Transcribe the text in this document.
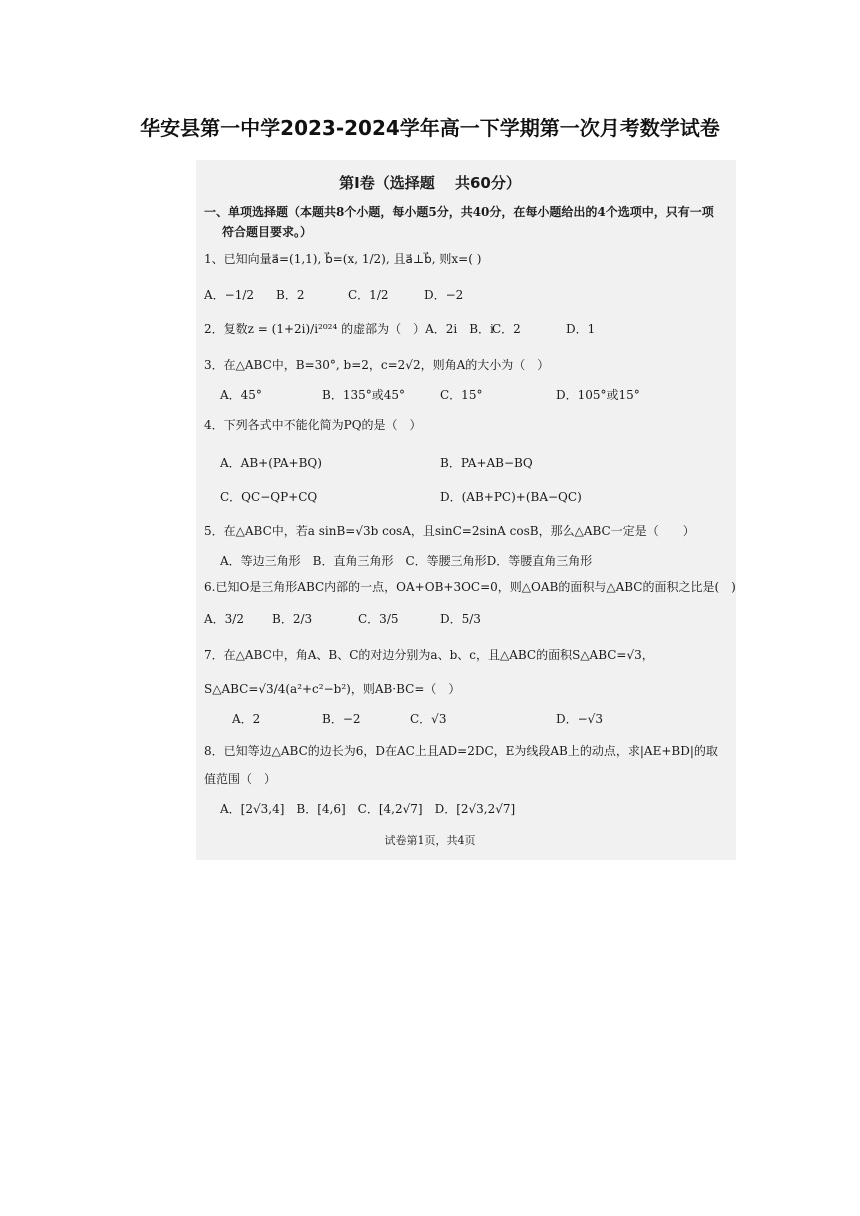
华安县第一中学2023-2024学年高一下学期第一次月考数学试卷
第I卷（选择题　 共60分）
一、单项选择题（本题共8个小题，每小题5分，共40分，在每小题给出的4个选项中，只有一项
符合题目要求。）
1、已知向量a⃗=(1,1), b⃗=(x, 1/2), 且a⃗⊥b⃗, 则x=( )
A．−1/2 B．2	C．1/2	D．−2
2．复数z = (1+2i)/i²⁰²⁴ 的虚部为（　）A．2i　B．i
C．2	D．1
3．在△ABC中，B=30°, b=2，c=2√2，则角A的大小为（　）
A．45°	B．135°或45°	C．15°	D．105°或15°
4．下列各式中不能化简为PQ的是（　）
A．AB+(PA+BQ)	B．PA+AB−BQ
C．QC−QP+CQ	D．(AB+PC)+(BA−QC)
5．在△ABC中，若a sinB=√3b cosA，且sinC=2sinA cosB，那么△ABC一定是（　　）
A．等边三角形　B．直角三角形　C．等腰三角形D．等腰直角三角形
6.已知O是三角形ABC内部的一点，OA+OB+3OC=0，则△OAB的面积与△ABC的面积之比是(　)
A．3/2 B．2/3	C．3/5	D．5/3
7．在△ABC中，角A、B、C的对边分别为a、b、c，且△ABC的面积S△ABC=√3，
S△ABC=√3/4(a²+c²−b²)，则AB·BC=（　）
A．2	B．−2	C．√3	D．−√3
8．已知等边△ABC的边长为6，D在AC上且AD=2DC，E为线段AB上的动点，求|AE+BD|的取
值范围（　）
A．[2√3,4]　B．[4,6]　C．[4,2√7]　D．[2√3,2√7]
试卷第1页，共4页
